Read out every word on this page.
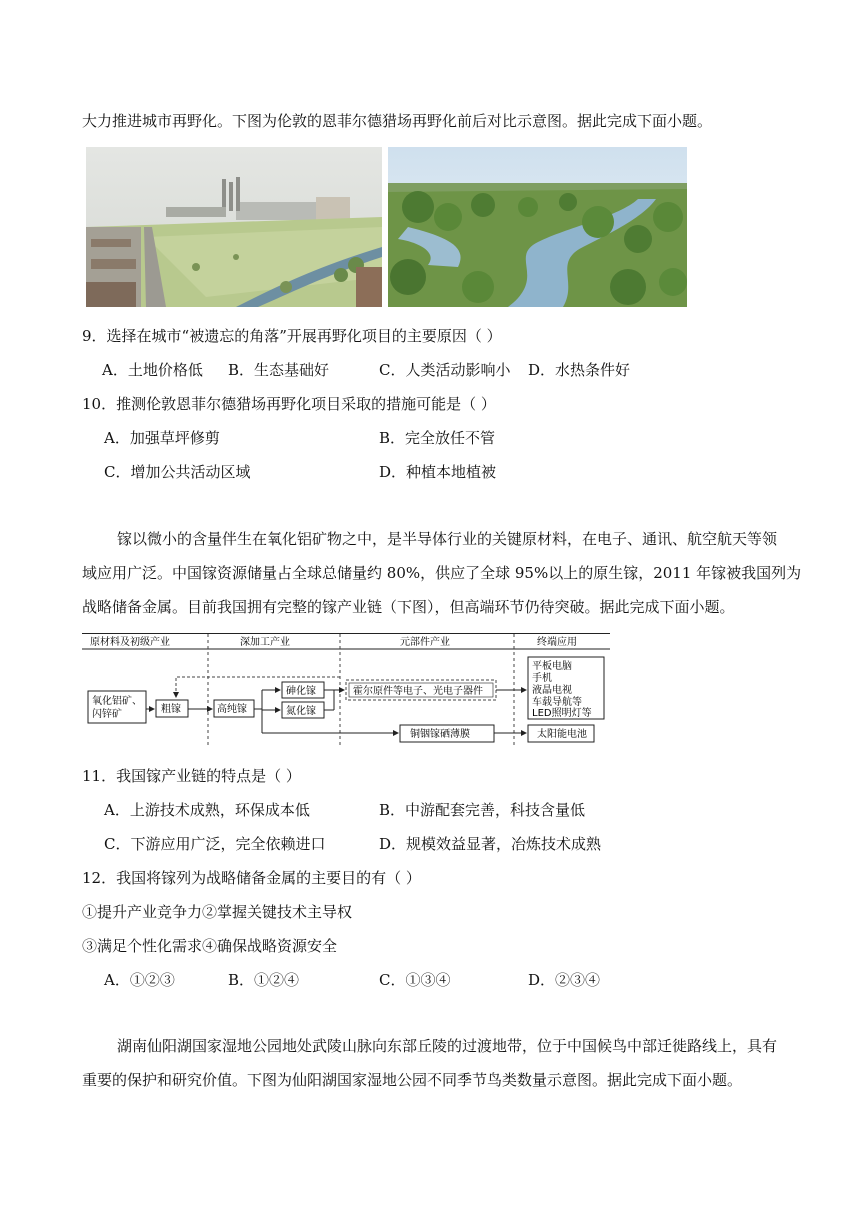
大力推进城市再野化。下图为伦敦的恩菲尔德猎场再野化前后对比示意图。据此完成下面小题。
9．选择在城市“被遗忘的角落”开展再野化项目的主要原因（ ）
A．土地价格低 B．生态基础好	C．人类活动影响小 D．水热条件好
10．推测伦敦恩菲尔德猎场再野化项目采取的措施可能是（ ）
A．加强草坪修剪	B．完全放任不管
C．增加公共活动区域	D．种植本地植被
镓以微小的含量伴生在氧化铝矿物之中，是半导体行业的关键原材料，在电子、通讯、航空航天等领
域应用广泛。中国镓资源储量占全球总储量约 80%，供应了全球 95%以上的原生镓，2011 年镓被我国列为
战略储备金属。目前我国拥有完整的镓产业链（下图），但高端环节仍待突破。据此完成下面小题。
原材料及初级产业	深加工产业	元部件产业	终端应用
氧化铝矿、
闪锌矿	粗镓	高纯镓
砷化镓
氮化镓
霍尔原件等电子、光电子器件
铜铟镓硒薄膜
平板电脑
手机
液晶电视
车载导航等
LED照明灯等
太阳能电池
11．我国镓产业链的特点是（ ）
A．上游技术成熟，环保成本低	B．中游配套完善，科技含量低
C．下游应用广泛，完全依赖进口	D．规模效益显著，冶炼技术成熟
12．我国将镓列为战略储备金属的主要目的有（ ）
①提升产业竞争力②掌握关键技术主导权
③满足个性化需求④确保战略资源安全
A．①②③	B．①②④	C．①③④	D．②③④
湖南仙阳湖国家湿地公园地处武陵山脉向东部丘陵的过渡地带，位于中国候鸟中部迁徙路线上，具有
重要的保护和研究价值。下图为仙阳湖国家湿地公园不同季节鸟类数量示意图。据此完成下面小题。
